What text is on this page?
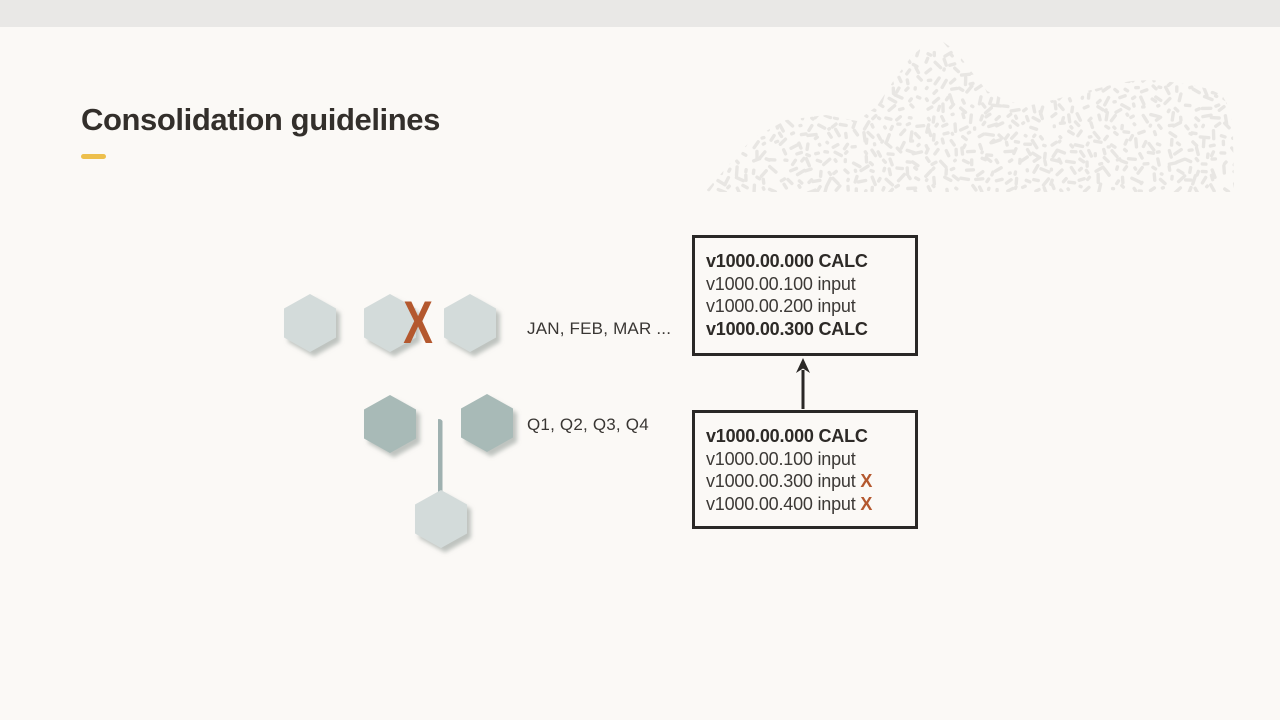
Consolidation guidelines
X	JAN, FEB, MAR ...
Q1, Q2, Q3, Q4
v1000.00.000 CALC
v1000.00.100 input
v1000.00.200 input
v1000.00.300 CALC
v1000.00.000 CALC
v1000.00.100 input
v1000.00.300 input X
v1000.00.400 input X
